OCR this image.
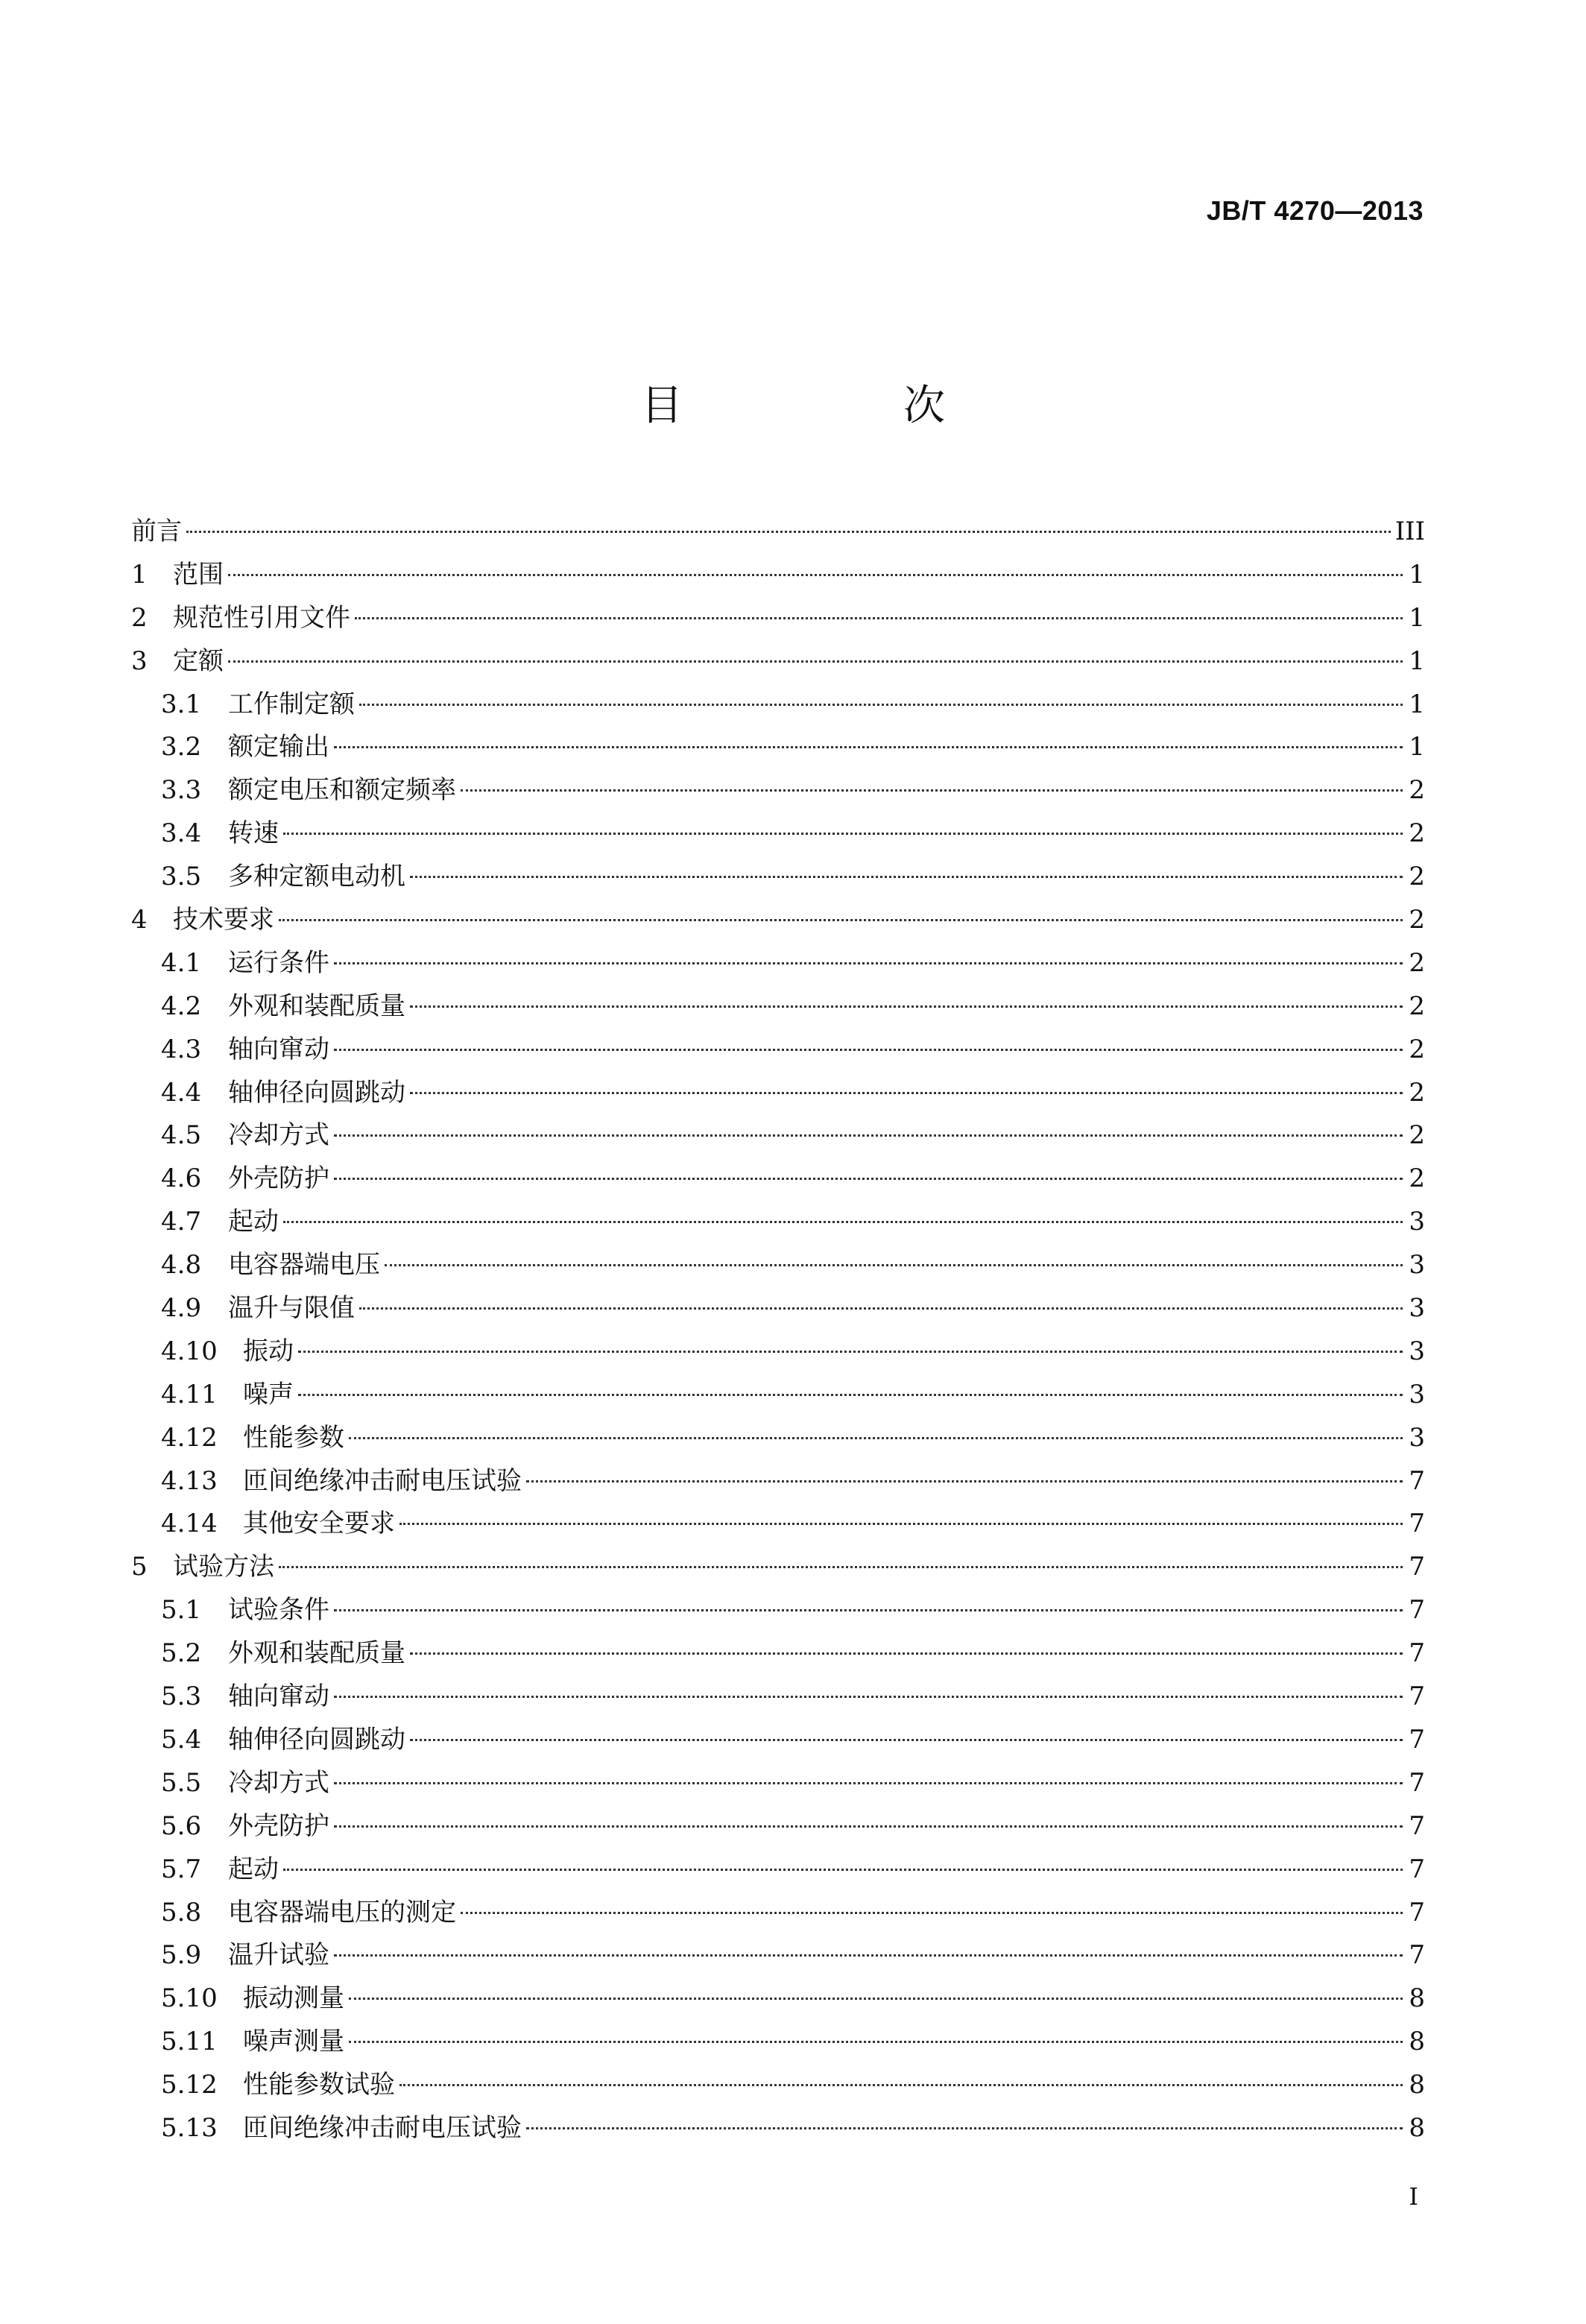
JB/T 4270—2013
目　次
前言	III
1	范围	1
2	规范性引用文件	1
3	定额	1
3.1	工作制定额	1
3.2	额定输出	1
3.3	额定电压和额定频率	2
3.4	转速	2
3.5	多种定额电动机	2
4	技术要求	2
4.1	运行条件	2
4.2	外观和装配质量	2
4.3	轴向窜动	2
4.4	轴伸径向圆跳动	2
4.5	冷却方式	2
4.6	外壳防护	2
4.7	起动	3
4.8	电容器端电压	3
4.9	温升与限值	3
4.10	振动	3
4.11	噪声	3
4.12	性能参数	3
4.13	匝间绝缘冲击耐电压试验	7
4.14	其他安全要求	7
5	试验方法	7
5.1	试验条件	7
5.2	外观和装配质量	7
5.3	轴向窜动	7
5.4	轴伸径向圆跳动	7
5.5	冷却方式	7
5.6	外壳防护	7
5.7	起动	7
5.8	电容器端电压的测定	7
5.9	温升试验	7
5.10	振动测量	8
5.11	噪声测量	8
5.12	性能参数试验	8
5.13	匝间绝缘冲击耐电压试验	8
I
